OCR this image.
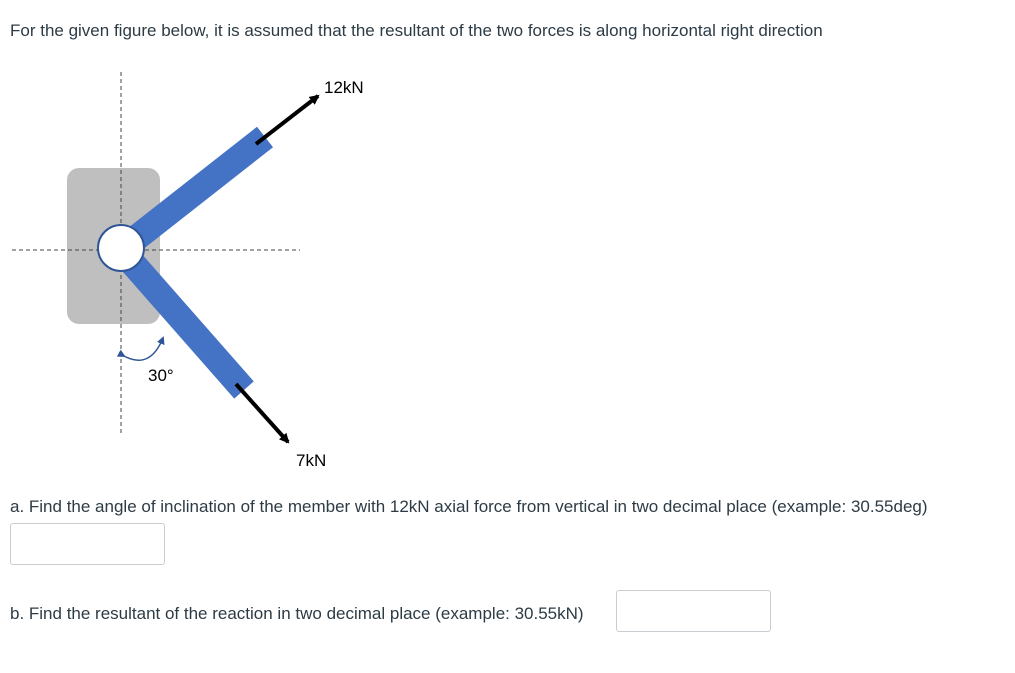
For the given figure below, it is assumed that the resultant of the two forces is along horizontal right direction
12kN
7kN
30°
a. Find the angle of inclination of the member with 12kN axial force from vertical in two decimal place (example: 30.55deg)
b. Find the resultant of the reaction in two decimal place (example: 30.55kN)
